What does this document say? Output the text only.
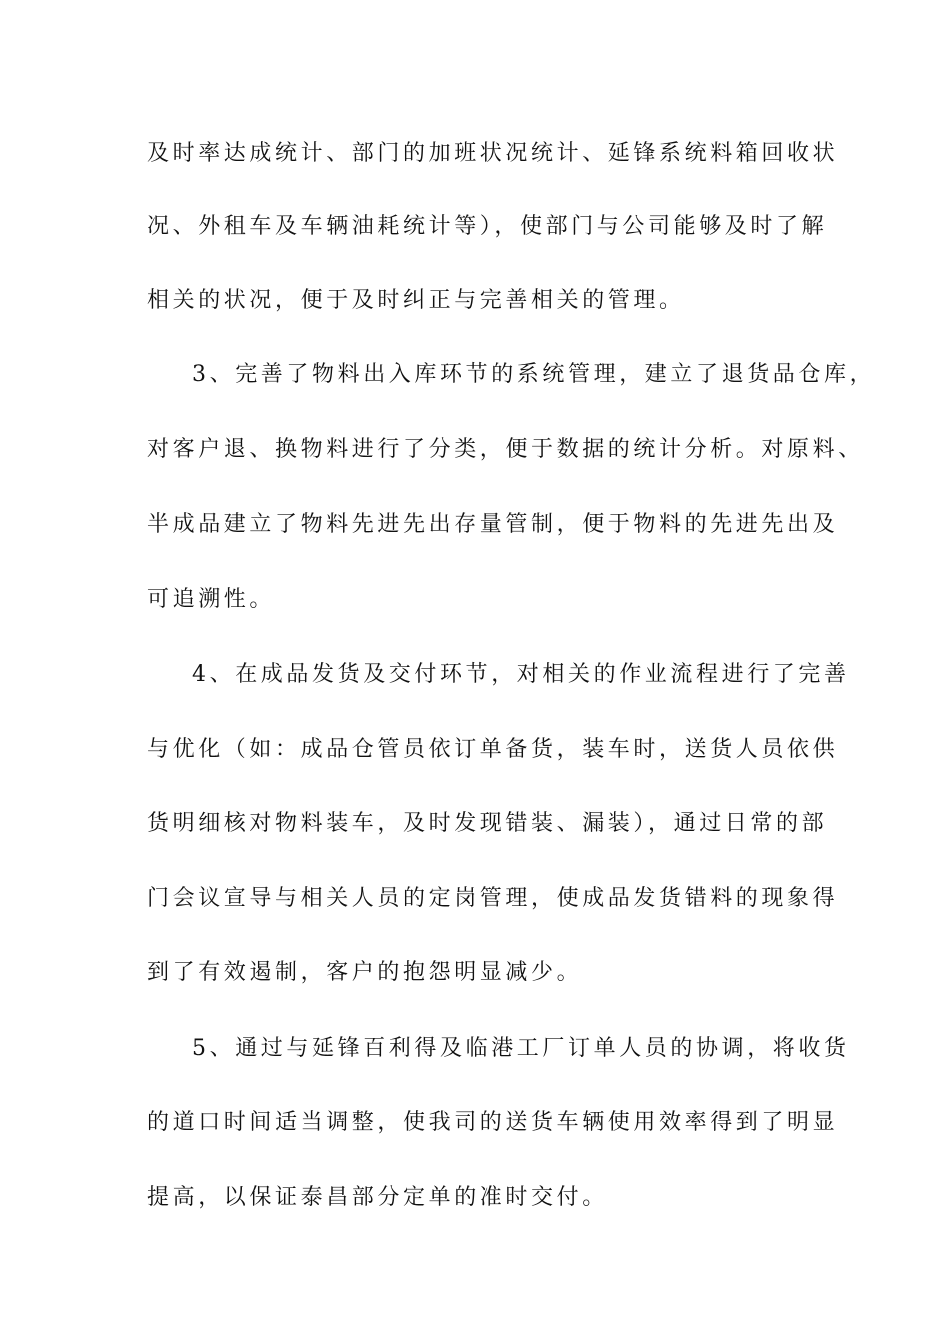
及时率达成统计、部门的加班状况统计、延锋系统料箱回收状

况、外租车及车辆油耗统计等），使部门与公司能够及时了解

相关的状况，便于及时纠正与完善相关的管理。

3、完善了物料出入库环节的系统管理，建立了退货品仓库，

对客户退、换物料进行了分类，便于数据的统计分析。对原料、

半成品建立了物料先进先出存量管制，便于物料的先进先出及

可追溯性。

4、在成品发货及交付环节，对相关的作业流程进行了完善

与优化（如：成品仓管员依订单备货，装车时，送货人员依供

货明细核对物料装车，及时发现错装、漏装），通过日常的部

门会议宣导与相关人员的定岗管理，使成品发货错料的现象得

到了有效遏制，客户的抱怨明显减少。

5、通过与延锋百利得及临港工厂订单人员的协调，将收货

的道口时间适当调整，使我司的送货车辆使用效率得到了明显

提高，以保证泰昌部分定单的准时交付。
